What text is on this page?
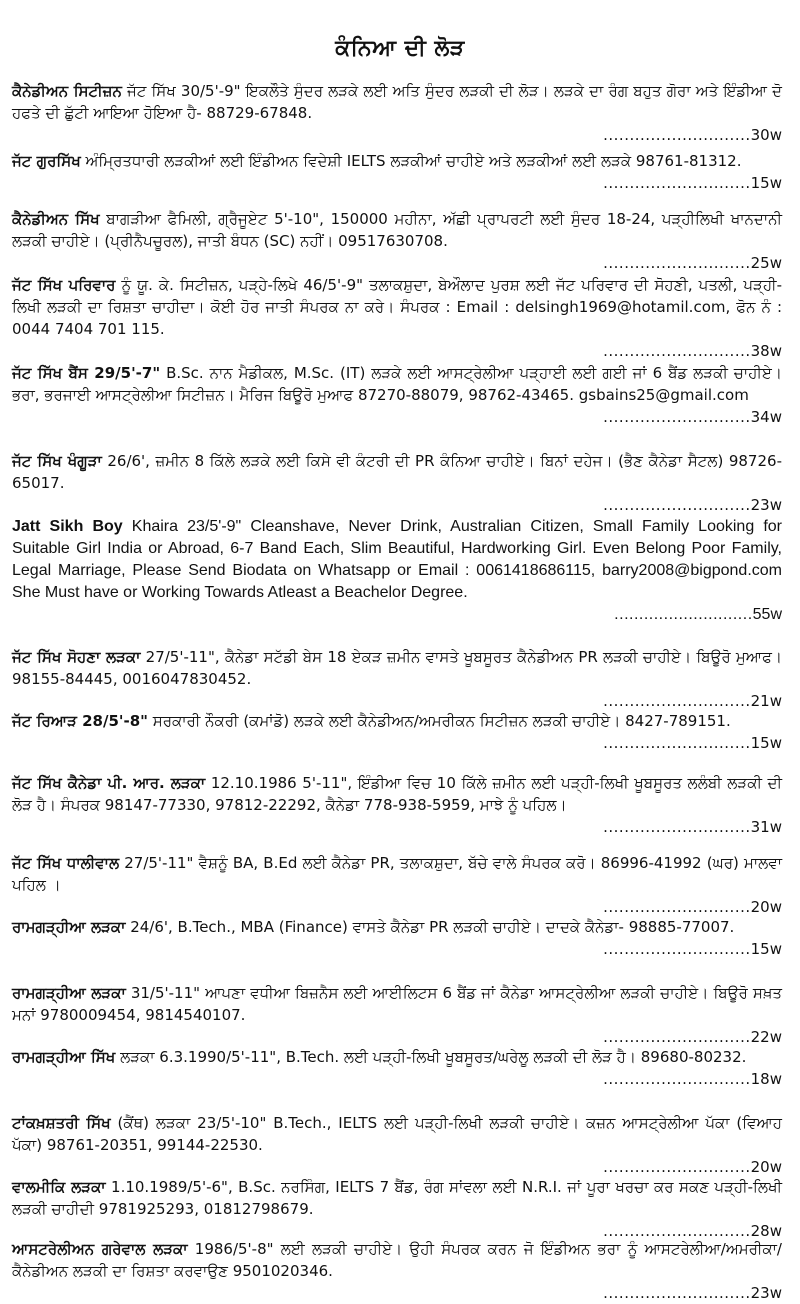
ਕੰਨਿਆ ਦੀ ਲੋੜ
ਕੈਨੇਡੀਅਨ ਸਿਟੀਜ਼ਨ ਜੱਟ ਸਿੱਖ 30/5'-9" ਇਕਲੌਤੇ ਸੁੰਦਰ ਲੜਕੇ ਲਈ ਅਤਿ ਸੁੰਦਰ ਲੜਕੀ ਦੀ ਲੋੜ। ਲੜਕੇ ਦਾ ਰੰਗ ਬਹੁਤ ਗੋਰਾ ਅਤੇ ਇੰਡੀਆ ਦੋ ਹਫਤੇ ਦੀ ਛੁੱਟੀ ਆਇਆ ਹੋਇਆ ਹੈ- 88729-67848.
............................ 30w
ਜੱਟ ਗੁਰਸਿੱਖ ਅੰਮ੍ਰਿਤਧਾਰੀ ਲੜਕੀਆਂ ਲਈ ਇੰਡੀਅਨ ਵਿਦੇਸ਼ੀ IELTS ਲੜਕੀਆਂ ਚਾਹੀਏ ਅਤੇ ਲੜਕੀਆਂ ਲਈ ਲੜਕੇ 98761-81312.
............................ 15w
ਕੈਨੇਡੀਅਨ ਸਿੱਖ ਬਾਗੜੀਆ ਫੈਮਿਲੀ, ਗ੍ਰੈਜੂਏਟ 5'-10", 150000 ਮਹੀਨਾ, ਅੱਛੀ ਪ੍ਰਾਪਰਟੀ ਲਈ ਸੁੰਦਰ 18-24, ਪੜ੍ਹੀਲਿਖੀ ਖਾਨਦਾਨੀ ਲੜਕੀ ਚਾਹੀਏ। (ਪ੍ਰੀਨੈਪਚੂਰਲ), ਜਾਤੀ ਬੰਧਨ (SC) ਨਹੀਂ। 09517630708.
............................ 25w
ਜੱਟ ਸਿੱਖ ਪਰਿਵਾਰ ਨੂੰ ਯੂ. ਕੇ. ਸਿਟੀਜ਼ਨ, ਪੜ੍ਹੇ-ਲਿਖੇ 46/5'-9" ਤਲਾਕਸ਼ੁਦਾ, ਬੇਔਲਾਦ ਪੁਰਸ਼ ਲਈ ਜੱਟ ਪਰਿਵਾਰ ਦੀ ਸੋਹਣੀ, ਪਤਲੀ, ਪੜ੍ਹੀ-ਲਿਖੀ ਲੜਕੀ ਦਾ ਰਿਸ਼ਤਾ ਚਾਹੀਦਾ। ਕੋਈ ਹੋਰ ਜਾਤੀ ਸੰਪਰਕ ਨਾ ਕਰੇ। ਸੰਪਰਕ : Email : delsingh1969@hotamil.com, ਫੋਨ ਨੰ : 0044 7404 701 115.
............................ 38w
ਜੱਟ ਸਿੱਖ ਬੈਂਸ 29/5'-7" B.Sc. ਨਾਨ ਮੈਡੀਕਲ, M.Sc. (IT) ਲੜਕੇ ਲਈ ਆਸਟ੍ਰੇਲੀਆ ਪੜ੍ਹਾਈ ਲਈ ਗਈ ਜਾਂ 6 ਬੈਂਡ ਲੜਕੀ ਚਾਹੀਏ। ਭਰਾ, ਭਰਜਾਈ ਆਸਟ੍ਰੇਲੀਆ ਸਿਟੀਜ਼ਨ। ਮੈਰਿਜ ਬਿਊਰੋ ਮੁਆਫ 87270-88079, 98762-43465. gsbains25@gmail.com
............................ 34w
ਜੱਟ ਸਿੱਖ ਖੰਗੂੜਾ 26/6', ਜ਼ਮੀਨ 8 ਕਿੱਲੇ ਲੜਕੇ ਲਈ ਕਿਸੇ ਵੀ ਕੰਟਰੀ ਦੀ PR ਕੰਨਿਆ ਚਾਹੀਏ। ਬਿਨਾਂ ਦਹੇਜ। (ਭੈਣ ਕੈਨੇਡਾ ਸੈਟਲ) 98726-65017.
............................ 23w
Jatt Sikh Boy Khaira 23/5'-9" Cleanshave, Never Drink, Australian Citizen, Small Family Looking for Suitable Girl India or Abroad, 6-7 Band Each, Slim Beautiful, Hardworking Girl. Even Belong Poor Family, Legal Marriage, Please Send Biodata on Whatsapp or Email : 0061418686115, barry2008@bigpond.com She Must have or Working Towards Atleast a Beachelor Degree.
............................ 55w
ਜੱਟ ਸਿੱਖ ਸੋਹਣਾ ਲੜਕਾ 27/5'-11", ਕੈਨੇਡਾ ਸਟੱਡੀ ਬੇਸ 18 ਏਕੜ ਜ਼ਮੀਨ ਵਾਸਤੇ ਖੂਬਸੂਰਤ ਕੈਨੇਡੀਅਨ PR ਲੜਕੀ ਚਾਹੀਏ। ਬਿਊਰੋ ਮੁਆਫ। 98155-84445, 0016047830452.
............................ 21w
ਜੱਟ ਰਿਆੜ 28/5'-8" ਸਰਕਾਰੀ ਨੌਕਰੀ (ਕਮਾਂਡੋ) ਲੜਕੇ ਲਈ ਕੈਨੇਡੀਅਨ/ਅਮਰੀਕਨ ਸਿਟੀਜ਼ਨ ਲੜਕੀ ਚਾਹੀਏ। 8427-789151.
............................ 15w
ਜੱਟ ਸਿੱਖ ਕੈਨੇਡਾ ਪੀ. ਆਰ. ਲੜਕਾ 12.10.1986 5'-11", ਇੰਡੀਆ ਵਿਚ 10 ਕਿੱਲੇ ਜ਼ਮੀਨ ਲਈ ਪੜ੍ਹੀ-ਲਿਖੀ ਖੂਬਸੂਰਤ ਲਲੰਬੀ ਲੜਕੀ ਦੀ ਲੋੜ ਹੈ। ਸੰਪਰਕ 98147-77330, 97812-22292, ਕੈਨੇਡਾ 778-938-5959, ਮਾਝੇ ਨੂੰ ਪਹਿਲ।
............................ 31w
ਜੱਟ ਸਿੱਖ ਧਾਲੀਵਾਲ 27/5'-11" ਵੈਸ਼ਨੂੰ BA, B.Ed ਲਈ ਕੈਨੇਡਾ PR, ਤਲਾਕਸ਼ੁਦਾ, ਬੱਚੇ ਵਾਲੇ ਸੰਪਰਕ ਕਰੋ। 86996-41992 (ਘਰ) ਮਾਲਵਾ ਪਹਿਲ ।
............................ 20w
ਰਾਮਗੜ੍ਹੀਆ ਲੜਕਾ 24/6', B.Tech., MBA (Finance) ਵਾਸਤੇ ਕੈਨੇਡਾ PR ਲੜਕੀ ਚਾਹੀਏ। ਦਾਦਕੇ ਕੈਨੇਡਾ- 98885-77007.
............................ 15w
ਰਾਮਗੜ੍ਹੀਆ ਲੜਕਾ 31/5'-11" ਆਪਣਾ ਵਧੀਆ ਬਿਜ਼ਨੈਸ ਲਈ ਆਈਲਿਟਸ 6 ਬੈਂਡ ਜਾਂ ਕੈਨੇਡਾ ਆਸਟ੍ਰੇਲੀਆ ਲੜਕੀ ਚਾਹੀਏ। ਬਿਊਰੋ ਸਖ਼ਤ ਮਨਾਂ 9780009454, 9814540107.
............................ 22w
ਰਾਮਗੜ੍ਹੀਆ ਸਿੱਖ ਲੜਕਾ 6.3.1990/5'-11", B.Tech. ਲਈ ਪੜ੍ਹੀ-ਲਿਖੀ ਖੂਬਸੂਰਤ/ਘਰੇਲੂ ਲੜਕੀ ਦੀ ਲੋੜ ਹੈ। 89680-80232.
............................ 18w
ਟਾਂਕਖ਼ਸ਼ਤਰੀ ਸਿੱਖ (ਕੈਂਥ) ਲੜਕਾ 23/5'-10" B.Tech., IELTS ਲਈ ਪੜ੍ਹੀ-ਲਿਖੀ ਲੜਕੀ ਚਾਹੀਏ। ਕਜ਼ਨ ਆਸਟ੍ਰੇਲੀਆ ਪੱਕਾ (ਵਿਆਹ ਪੱਕਾ) 98761-20351, 99144-22530.
............................ 20w
ਵਾਲਮੀਕਿ ਲੜਕਾ 1.10.1989/5'-6", B.Sc. ਨਰਸਿੰਗ, IELTS 7 ਬੈਂਡ, ਰੰਗ ਸਾਂਵਲਾ ਲਈ N.R.I. ਜਾਂ ਪੂਰਾ ਖਰਚਾ ਕਰ ਸਕਣ ਪੜ੍ਹੀ-ਲਿਖੀ ਲੜਕੀ ਚਾਹੀਦੀ 9781925293, 01812798679.
............................ 28w
ਆਸਟਰੇਲੀਅਨ ਗਰੇਵਾਲ ਲੜਕਾ 1986/5'-8" ਲਈ ਲੜਕੀ ਚਾਹੀਏ। ਉਹੀ ਸੰਪਰਕ ਕਰਨ ਜੋ ਇੰਡੀਅਨ ਭਰਾ ਨੂੰ ਆਸਟਰੇਲੀਆ/ਅਮਰੀਕਾ/ਕੈਨੇਡੀਅਨ ਲੜਕੀ ਦਾ ਰਿਸ਼ਤਾ ਕਰਵਾਉਣ 9501020346.
............................ 23w
